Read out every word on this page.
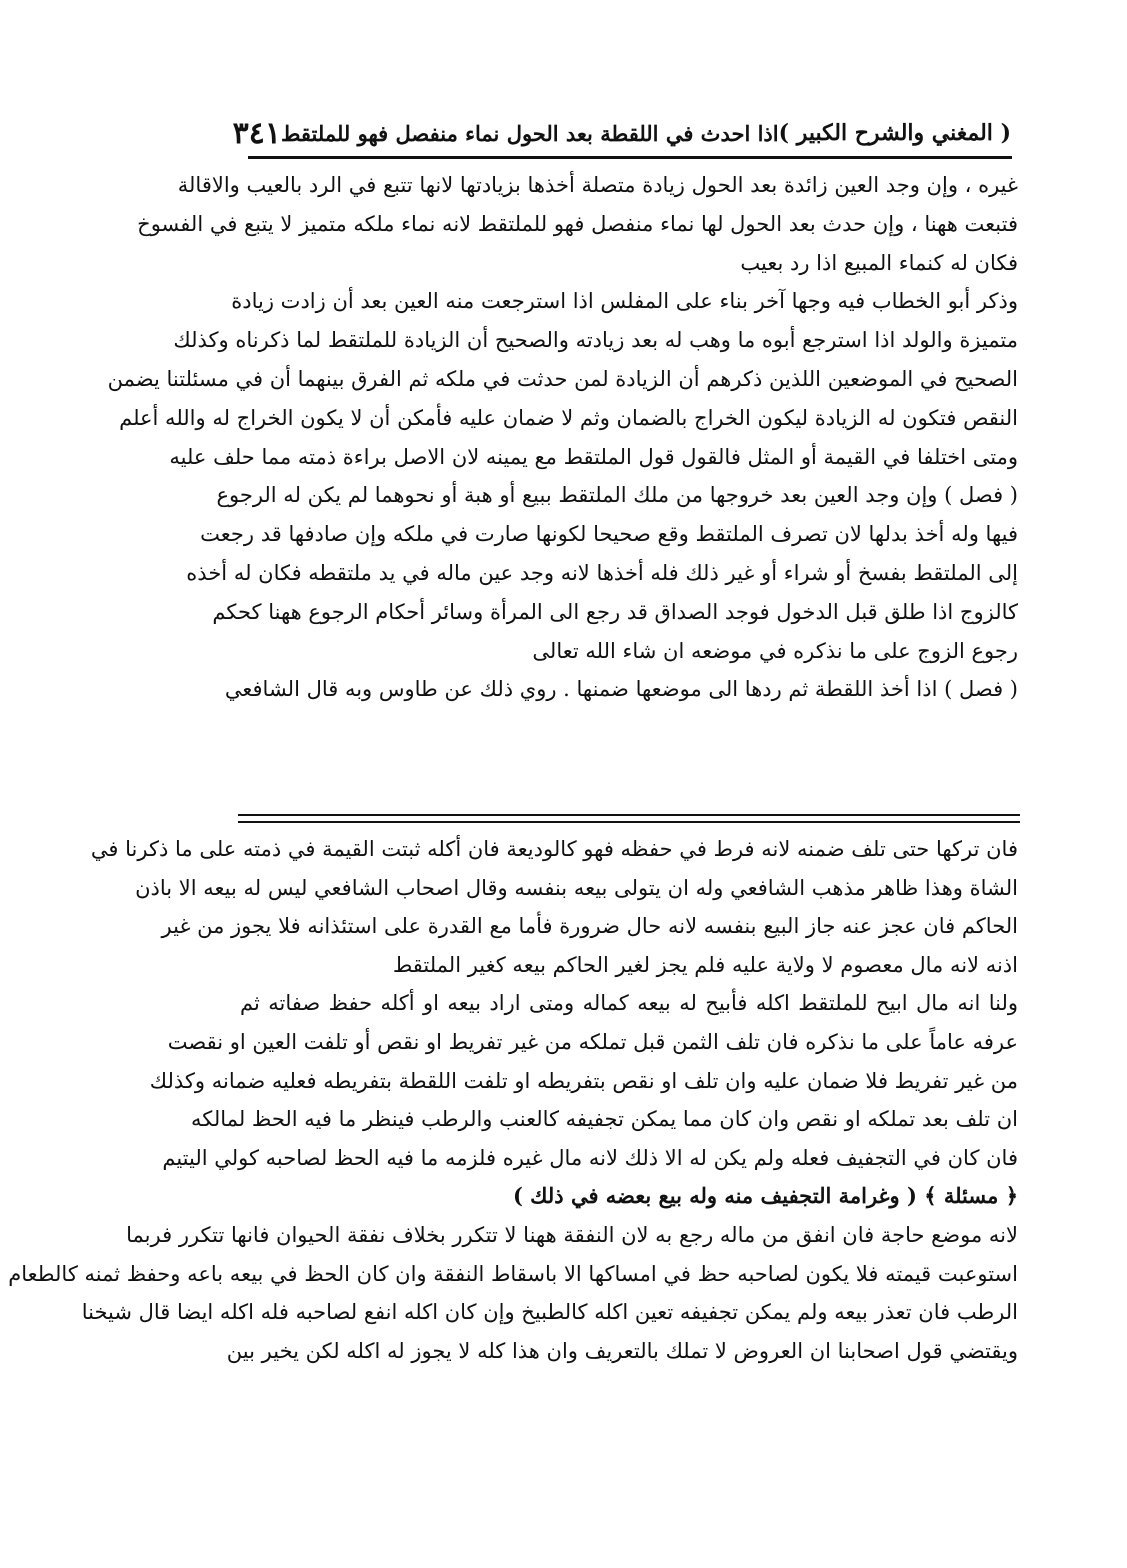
( المغني والشرح الكبير )
اذا احدث في اللقطة بعد الحول نماء منفصل فهو للملتقط
٣٤١
غيره ، وإن وجد العين زائدة بعد الحول زيادة متصلة أخذها بزيادتها لانها تتبع في الرد بالعيب والاقالة
فتبعت ههنا ، وإن حدث بعد الحول لها نماء منفصل فهو للملتقط لانه نماء ملكه متميز لا يتبع في الفسوخ
فكان له كنماء المبيع اذا رد بعيب
وذكر أبو الخطاب فيه وجها آخر بناء على المفلس اذا استرجعت منه العين بعد أن زادت زيادة
متميزة والولد اذا استرجع أبوه ما وهب له بعد زيادته والصحيح أن الزيادة للملتقط لما ذكرناه وكذلك
الصحيح في الموضعين اللذين ذكرهم أن الزيادة لمن حدثت في ملكه ثم الفرق بينهما أن في مسئلتنا يضمن
النقص فتكون له الزيادة ليكون الخراج بالضمان وثم لا ضمان عليه فأمكن أن لا يكون الخراج له والله أعلم
ومتى اختلفا في القيمة أو المثل فالقول قول الملتقط مع يمينه لان الاصل براءة ذمته مما حلف عليه
( فصل ) وإن وجد العين بعد خروجها من ملك الملتقط ببيع أو هبة أو نحوهما لم يكن له الرجوع
فيها وله أخذ بدلها لان تصرف الملتقط وقع صحيحا لكونها صارت في ملكه وإن صادفها قد رجعت
إلى الملتقط بفسخ أو شراء أو غير ذلك فله أخذها لانه وجد عين ماله في يد ملتقطه فكان له أخذه
كالزوج اذا طلق قبل الدخول فوجد الصداق قد رجع الى المرأة وسائر أحكام الرجوع ههنا كحكم
رجوع الزوج على ما نذكره في موضعه ان شاء الله تعالى
( فصل ) اذا أخذ اللقطة ثم ردها الى موضعها ضمنها . روي ذلك عن طاوس وبه قال الشافعي
فان تركها حتى تلف ضمنه لانه فرط في حفظه فهو كالوديعة فان أكله ثبتت القيمة في ذمته على ما ذكرنا في
الشاة وهذا ظاهر مذهب الشافعي وله ان يتولى بيعه بنفسه وقال اصحاب الشافعي ليس له بيعه الا باذن
الحاكم فان عجز عنه جاز البيع بنفسه لانه حال ضرورة فأما مع القدرة على استئذانه فلا يجوز من غير
اذنه لانه مال معصوم لا ولاية عليه فلم يجز لغير الحاكم بيعه كغير الملتقط
ولنا انه مال ابيح للملتقط اكله فأبيح له بيعه كماله ومتى اراد بيعه او أكله حفظ صفاته ثم
عرفه عاماً على ما نذكره فان تلف الثمن قبل تملكه من غير تفريط او نقص أو تلفت العين او نقصت
من غير تفريط فلا ضمان عليه وان تلف او نقص بتفريطه او تلفت اللقطة بتفريطه فعليه ضمانه وكذلك
ان تلف بعد تملكه او نقص وان كان مما يمكن تجفيفه كالعنب والرطب فينظر ما فيه الحظ لمالكه
فان كان في التجفيف فعله ولم يكن له الا ذلك لانه مال غيره فلزمه ما فيه الحظ لصاحبه كولي اليتيم
﴿ مسئلة ﴾ ( وغرامة التجفيف منه وله بيع بعضه في ذلك )
لانه موضع حاجة فان انفق من ماله رجع به لان النفقة ههنا لا تتكرر بخلاف نفقة الحيوان فانها تتكرر فربما
استوعبت قيمته فلا يكون لصاحبه حظ في امساكها الا باسقاط النفقة وان كان الحظ في بيعه باعه وحفظ ثمنه كالطعام
الرطب فان تعذر بيعه ولم يمكن تجفيفه تعين اكله كالطبيخ وإن كان اكله انفع لصاحبه فله اكله ايضا قال شيخنا
ويقتضي قول اصحابنا ان العروض لا تملك بالتعريف وان هذا كله لا يجوز له اكله لكن يخير بين
